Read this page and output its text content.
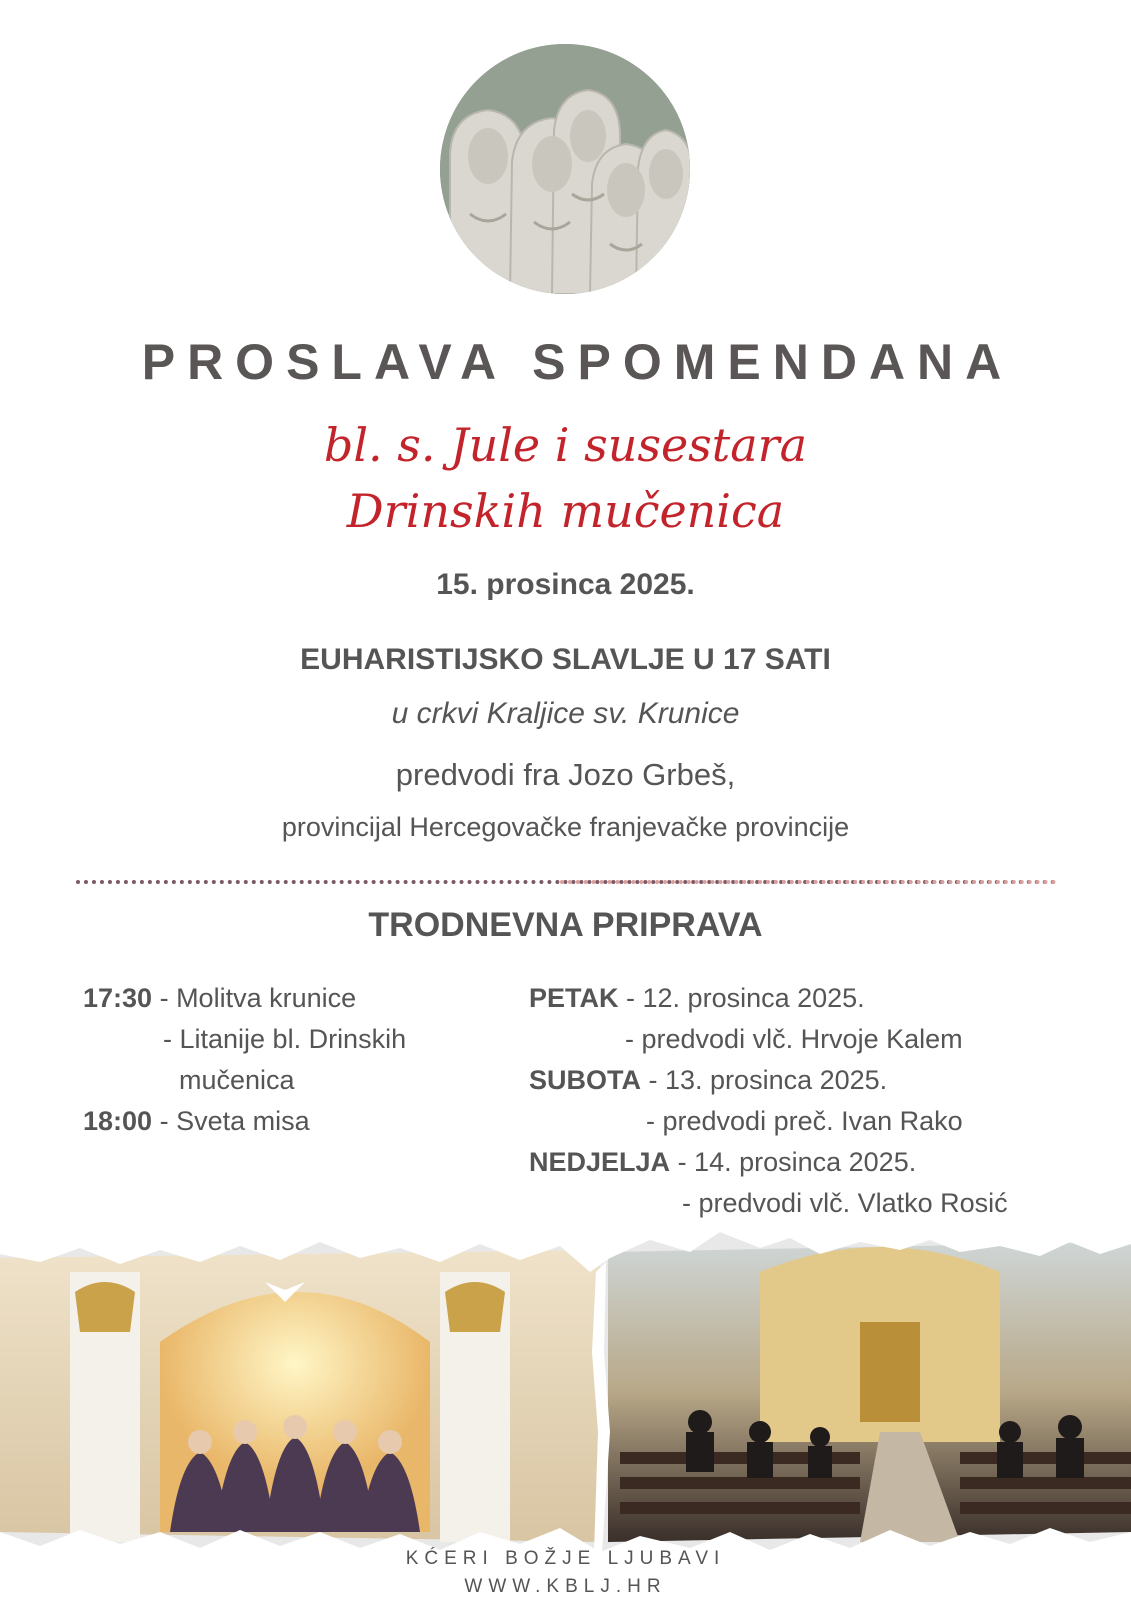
PROSLAVA SPOMENDANA
bl. s. Jule i susestara
Drinskih mučenica
15. prosinca 2025.
EUHARISTIJSKO SLAVLJE U 17 SATI
u crkvi Kraljice sv. Krunice
predvodi fra Jozo Grbeš,
provincijal Hercegovačke franjevačke provincije
TRODNEVNA PRIPRAVA
17:30 - Molitva krunice
- Litanije bl. Drinskih
mučenica
18:00 - Sveta misa
PETAK - 12. prosinca 2025.
- predvodi vlč. Hrvoje Kalem
SUBOTA - 13. prosinca 2025.
- predvodi preč. Ivan Rako
NEDJELJA - 14. prosinca 2025.
- predvodi vlč. Vlatko Rosić
KĆERI BOŽJE LJUBAVI
WWW.KBLJ.HR
